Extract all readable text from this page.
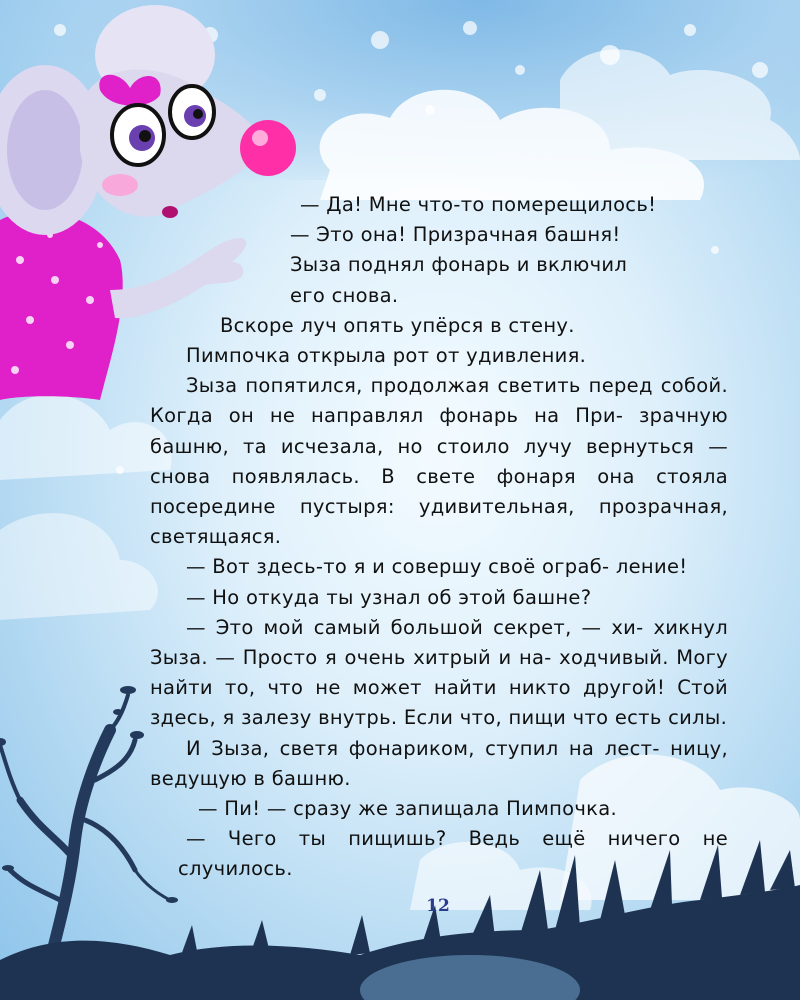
— Да! Мне что-то померещилось!

— Это она! Призрачная башня!

Зыза поднял фонарь и включил
его снова.

Вскоре луч опять упёрся в стену.

Пимпочка открыла рот от удивления.

Зыза попятился, продолжая светить перед собой. Когда он не направлял фонарь на При- зрачную башню, та исчезала, но стоило лучу вернуться — снова появлялась. В свете фонаря она стояла посередине пустыря: удивительная, прозрачная, светящаяся.

— Вот здесь-то я и совершу своё ограб- ление!

— Но откуда ты узнал об этой башне?

— Это мой самый большой секрет, — хи- хикнул Зыза. — Просто я очень хитрый и на- ходчивый. Могу найти то, что не может найти никто другой! Стой здесь, я залезу внутрь. Если что, пищи что есть силы.

И Зыза, светя фонариком, ступил на лест- ницу, ведущую в башню.

— Пи! — сразу же запищала Пимпочка.

— Чего ты пищишь? Ведь ещё ничего не случилось.

12
